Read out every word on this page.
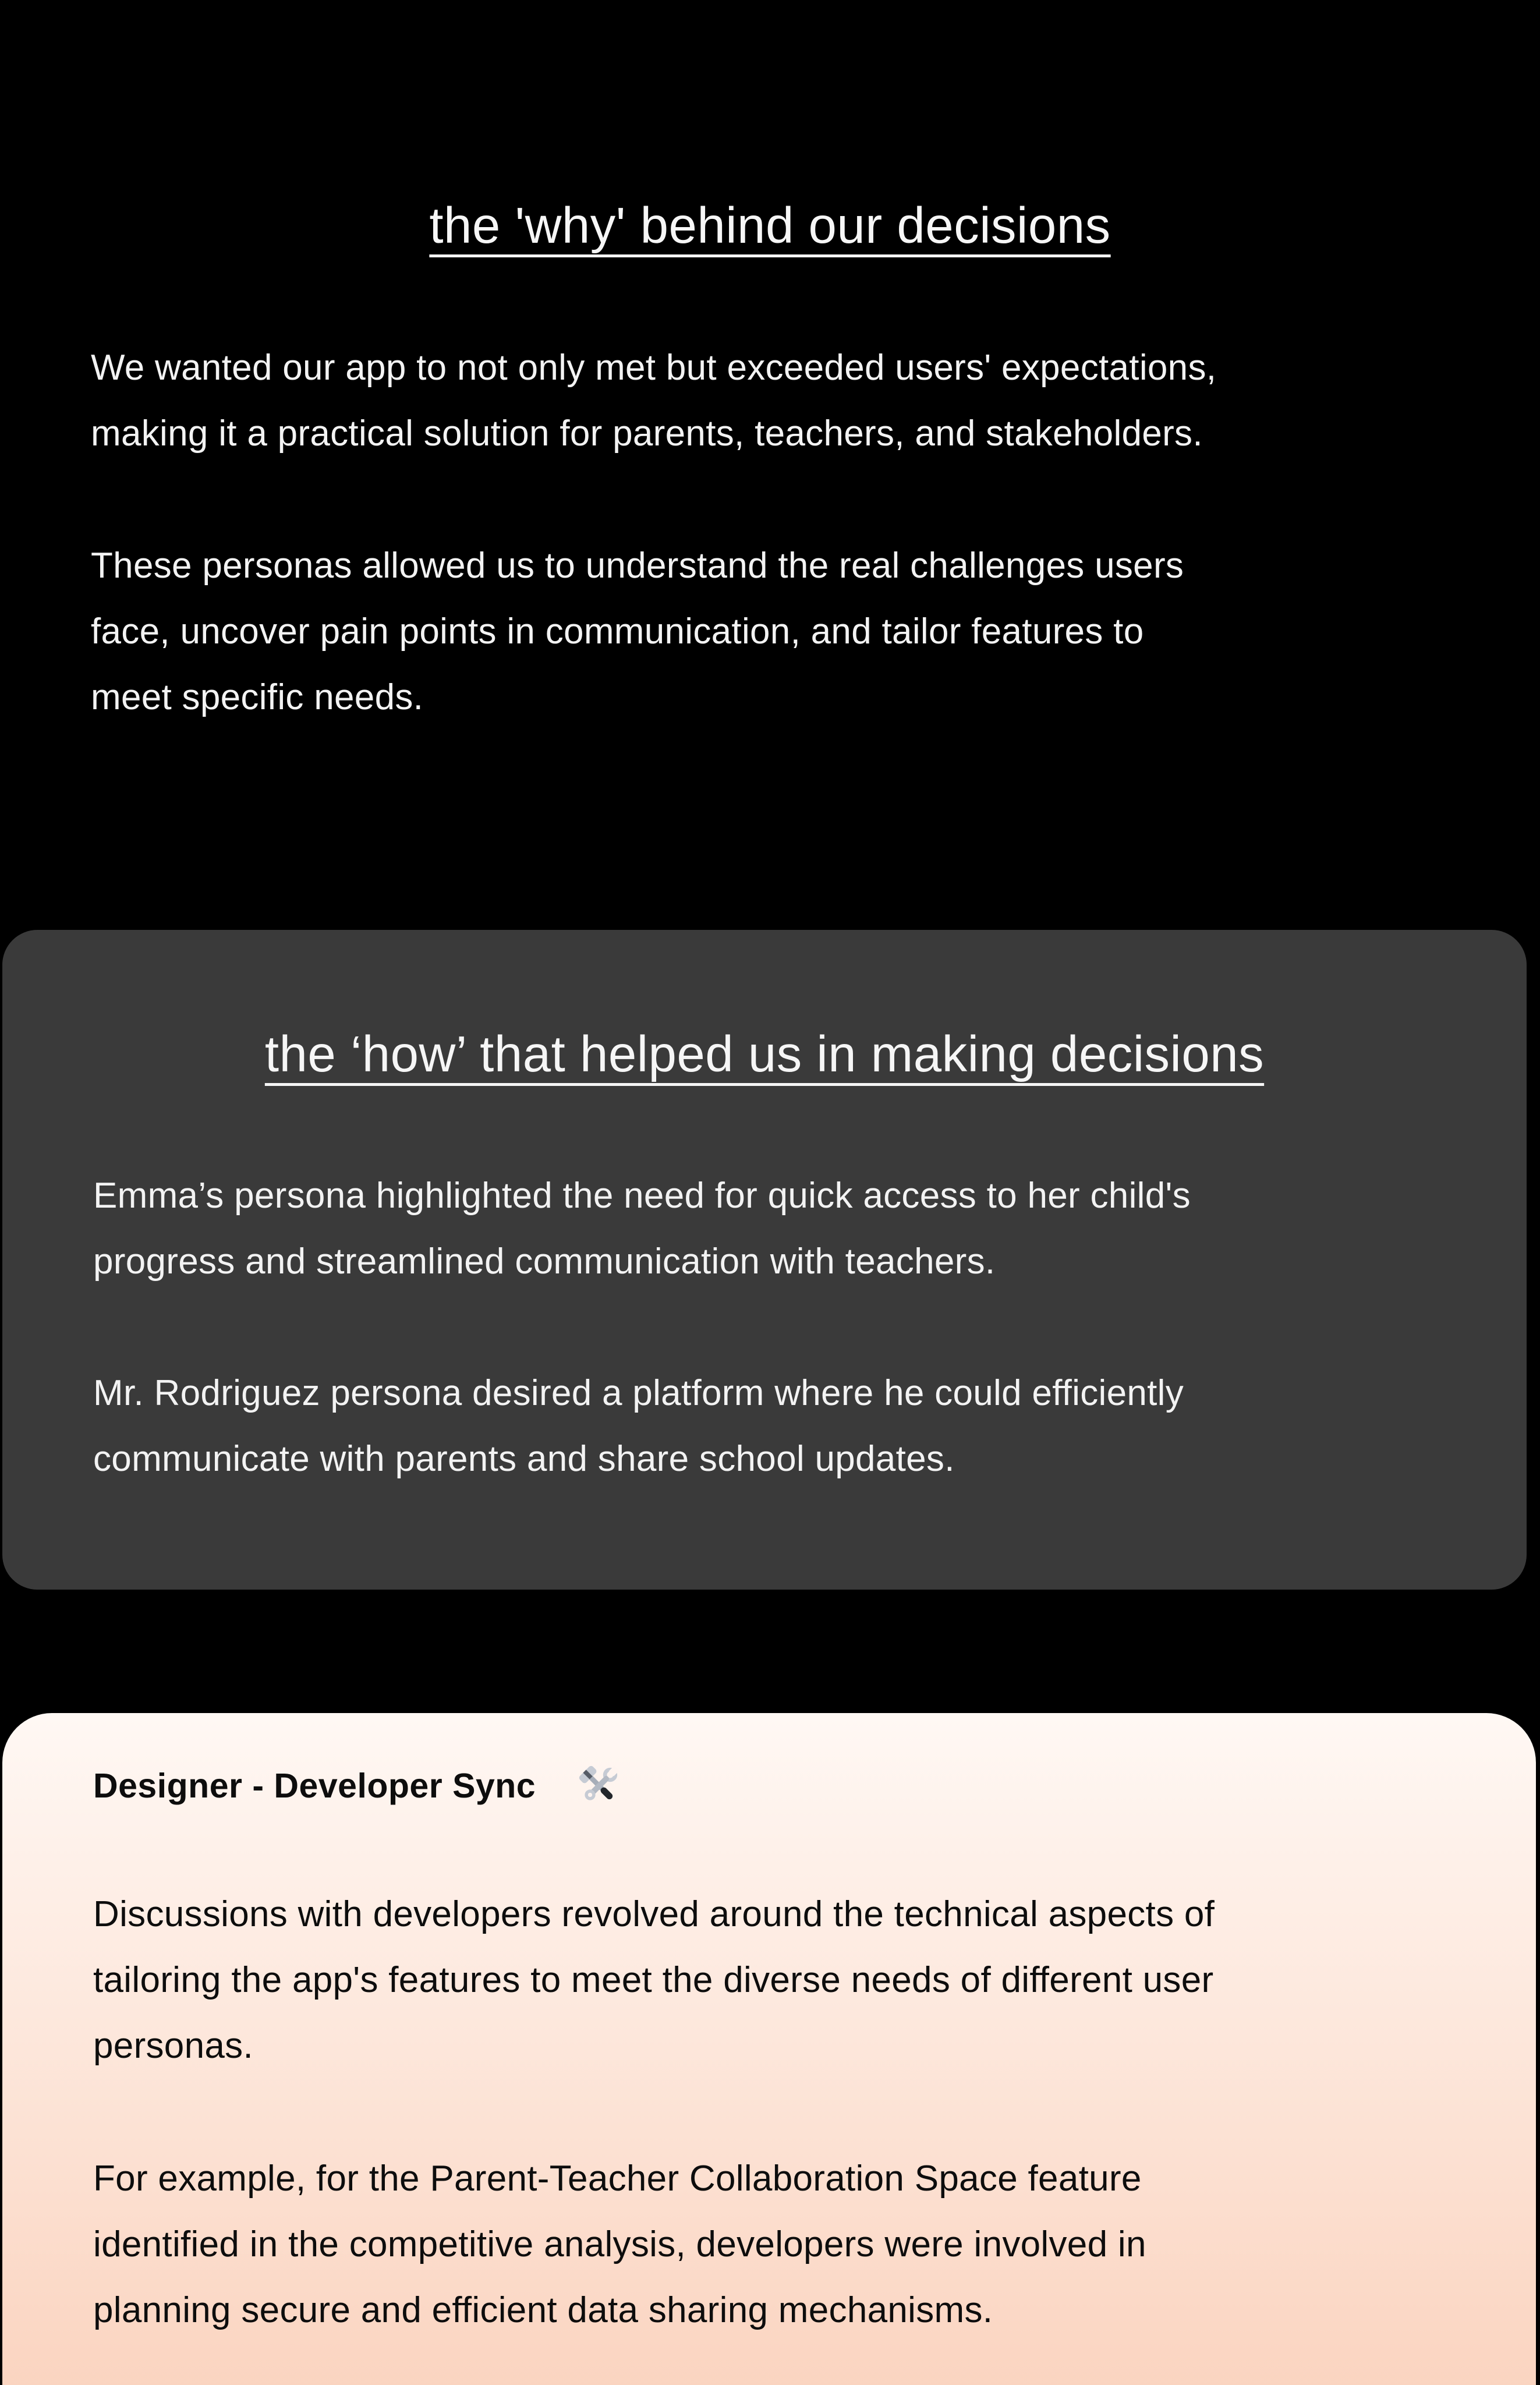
the 'why' behind our decisions
We wanted our app to not only met but exceeded users' expectations,
making it a practical solution for parents, teachers, and stakeholders.
These personas allowed us to understand the real challenges users
face, uncover pain points in communication, and tailor features to
meet specific needs.
the ‘how’ that helped us in making decisions
Emma’s persona highlighted the need for quick access to her child's
progress and streamlined communication with teachers.
Mr. Rodriguez persona desired a platform where he could efficiently
communicate with parents and share school updates.
Designer - Developer Sync
Discussions with developers revolved around the technical aspects of
tailoring the app's features to meet the diverse needs of different user
personas.
For example, for the Parent-Teacher Collaboration Space feature
identified in the competitive analysis, developers were involved in
planning secure and efficient data sharing mechanisms.
